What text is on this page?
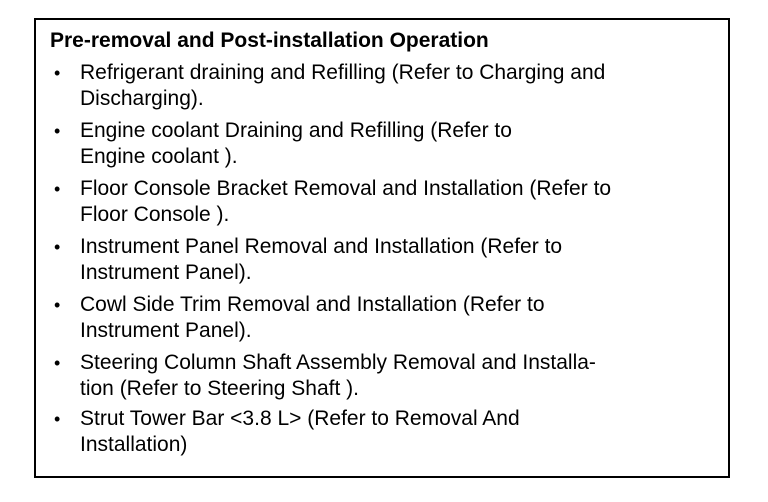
Pre-removal and Post-installation Operation
• Refrigerant draining and Refilling (Refer to Charging and
Discharging).
• Engine coolant Draining and Refilling (Refer to
Engine coolant ).
• Floor Console Bracket Removal and Installation (Refer to
Floor Console ).
• Instrument Panel Removal and Installation (Refer to
Instrument Panel).
• Cowl Side Trim Removal and Installation (Refer to
Instrument Panel).
• Steering Column Shaft Assembly Removal and Installa-
tion (Refer to Steering Shaft ).
• Strut Tower Bar <3.8 L> (Refer to Removal And
Installation)
